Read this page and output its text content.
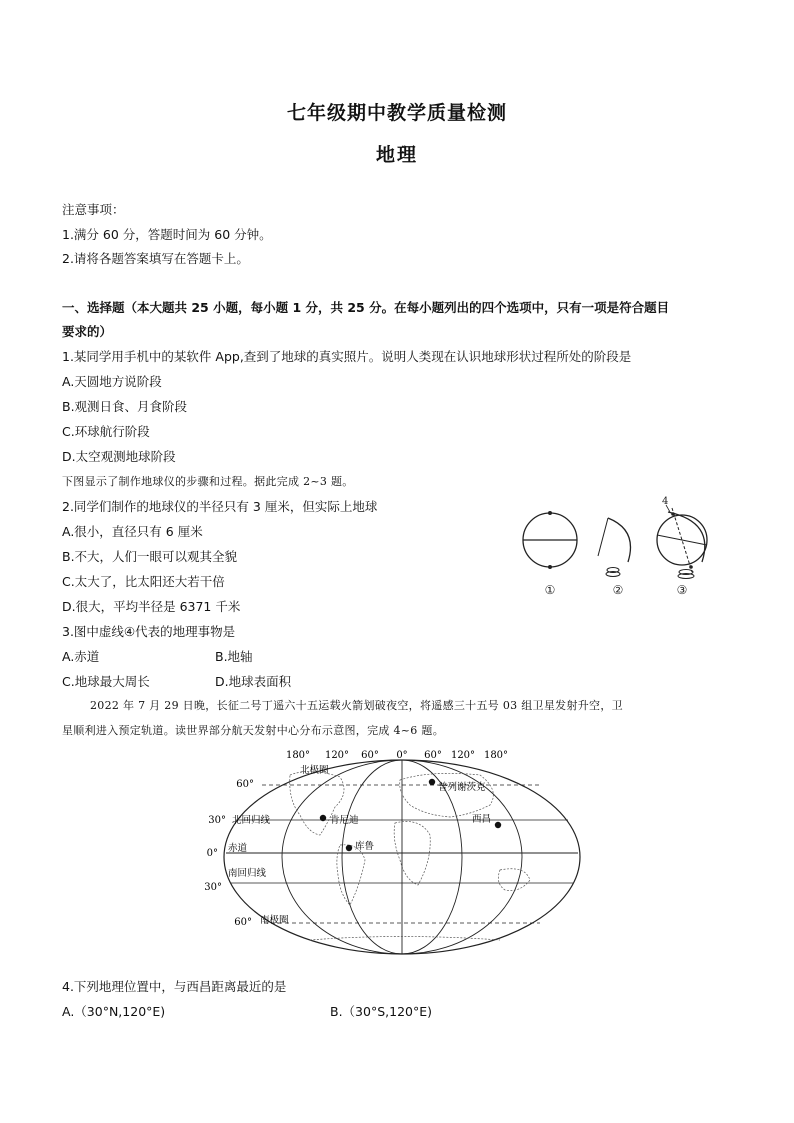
七年级期中教学质量检测
地理
注意事项：
1.满分 60 分，答题时间为 60 分钟。
2.请将各题答案填写在答题卡上。
一、选择题（本大题共 25 小题，每小题 1 分，共 25 分。在每小题列出的四个选项中，只有一项是符合题目
要求的）
1.某同学用手机中的某软件 App,查到了地球的真实照片。说明人类现在认识地球形状过程所处的阶段是
A.天圆地方说阶段
B.观测日食、月食阶段
C.环球航行阶段
D.太空观测地球阶段
下图显示了制作地球仪的步骤和过程。据此完成 2~3 题。
2.同学们制作的地球仪的半径只有 3 厘米，但实际上地球
A.很小，直径只有 6 厘米
B.不大，人们一眼可以观其全貌
C.太大了，比太阳还大若干倍
D.很大，平均半径是 6371 千米
3.图中虚线④代表的地理事物是
A.赤道	B.地轴
C.地球最大周长	D.地球表面积
4
①	②	③
2022 年 7 月 29 日晚，长征二号丁遥六十五运载火箭划破夜空，将遥感三十五号 03 组卫星发射升空，卫
星顺利进入预定轨道。读世界部分航天发射中心分布示意图，完成 4~6 题。
180° 120° 60° 0° 60° 120° 180°
60°
30°
0°
30°
60°
北极圈
北回归线
赤道
南回归线
南极圈
普列谢茨克
肯尼迪	西昌
库鲁
4.下列地理位置中，与西昌距离最近的是
A.（30°N,120°E)	B.（30°S,120°E)
